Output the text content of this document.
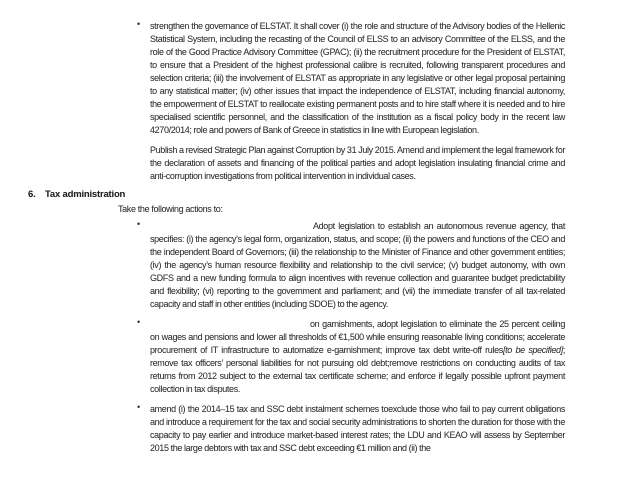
• strengthen the governance of ELSTAT. It shall cover (i) the role and structure of the Advisory bodies of the Hellenic Statistical System, including the recasting of the Council of ELSS to an advisory Committee of the ELSS, and the role of the Good Practice Advisory Committee (GPAC); (ii) the recruitment procedure for the President of ELSTAT, to ensure that a President of the highest professional calibre is recruited, following transparent procedures and selection criteria; (iii) the involvement of ELSTAT as appropriate in any legislative or other legal proposal pertaining to any statistical matter; (iv) other issues that impact the independence of ELSTAT, including financial autonomy, the empowerment of ELSTAT to reallocate existing permanent posts and to hire staff where it is needed and to hire specialised scientific personnel, and the classification of the institution as a fiscal policy body in the recent law 4270/2014; role and powers of Bank of Greece in statistics in line with European legislation.

Publish a revised Strategic Plan against Corruption by 31 July 2015. Amend and implement the legal framework for the declaration of assets and financing of the political parties and adopt legislation insulating financial crime and anti-corruption investigations from political intervention in individual cases.

6. Tax administration

Take the following actions to:

•	Adopt legislation to establish an autonomous revenue agency, that specifies: (i) the agency’s legal form, organization, status, and scope; (ii) the powers and functions of the CEO and the independent Board of Governors; (iii) the relationship to the Minister of Finance and other government entities; (iv) the agency’s human resource flexibility and relationship to the civil service; (v) budget autonomy, with own GDFS and a new funding formula to align incentives with revenue collection and guarantee budget predictability and flexibility; (vi) reporting to the government and parliament; and (vii) the immediate transfer of all tax-related capacity and staff in other entities (including SDOE) to the agency.

•	on garnishments, adopt legislation to eliminate the 25 percent ceiling on wages and pensions and lower all thresholds of €1,500 while ensuring reasonable living conditions; accelerate procurement of IT infrastructure to automatize e-garnishment; improve tax debt write-off rules[to be specified]; remove tax officers’ personal liabilities for not pursuing old debt;remove restrictions on conducting audits of tax returns from 2012 subject to the external tax certificate scheme; and enforce if legally possible upfront payment collection in tax disputes.

• amend (i) the 2014–15 tax and SSC debt instalment schemes toexclude those who fail to pay current obligations and introduce a requirement for the tax and social security administrations to shorten the duration for those with the capacity to pay earlier and introduce market-based interest rates; the LDU and KEAO will assess by September 2015 the large debtors with tax and SSC debt exceeding €1 million and (ii) the
